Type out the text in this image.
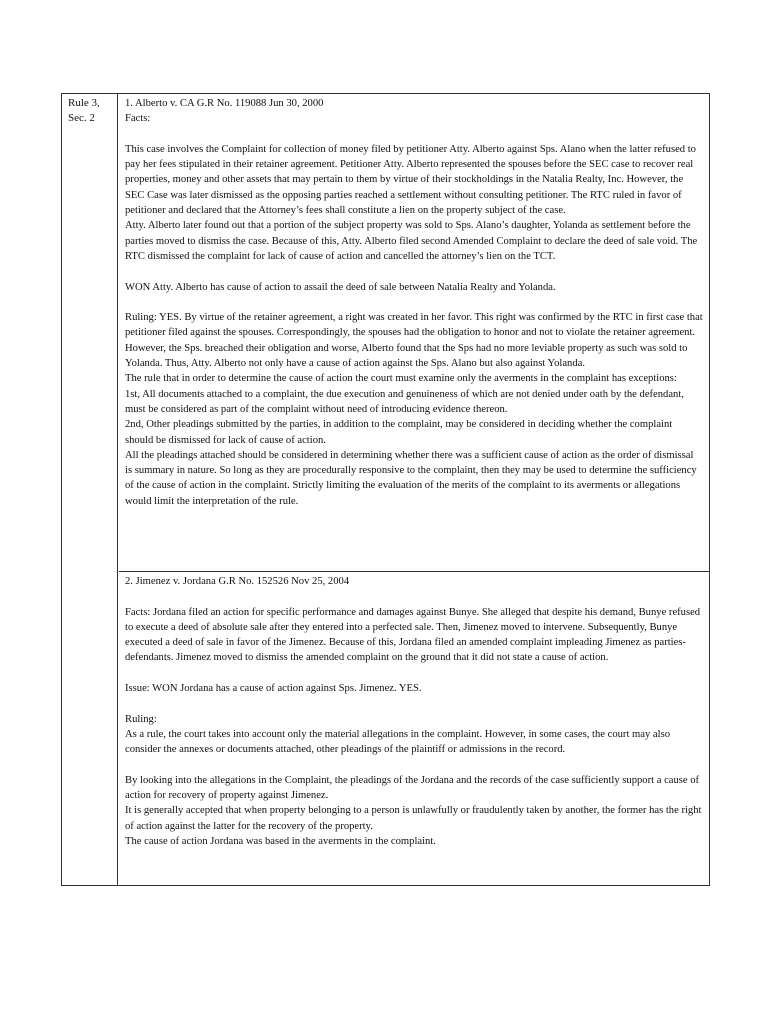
Rule 3, Sec. 2

1. Alberto v. CA G.R No. 119088 Jun 30, 2000

Facts:

This case involves the Complaint for collection of money filed by petitioner Atty. Alberto against Sps. Alano when the latter refused to pay her fees stipulated in their retainer agreement. Petitioner Atty. Alberto represented the spouses before the SEC case to recover real properties, money and other assets that may pertain to them by virtue of their stockholdings in the Natalia Realty, Inc. However, the SEC Case was later dismissed as the opposing parties reached a settlement without consulting petitioner. The RTC ruled in favor of petitioner and declared that the Attorney’s fees shall constitute a lien on the property subject of the case.

Atty. Alberto later found out that a portion of the subject property was sold to Sps. Alano’s daughter, Yolanda as settlement before the parties moved to dismiss the case. Because of this, Atty. Alberto filed second Amended Complaint to declare the deed of sale void. The RTC dismissed the complaint for lack of cause of action and cancelled the attorney’s lien on the TCT.

WON Atty. Alberto has cause of action to assail the deed of sale between Natalia Realty and Yolanda.

Ruling: YES. By virtue of the retainer agreement, a right was created in her favor. This right was confirmed by the RTC in first case that petitioner filed against the spouses. Correspondingly, the spouses had the obligation to honor and not to violate the retainer agreement. However, the Sps. breached their obligation and worse, Alberto found that the Sps had no more leviable property as such was sold to Yolanda. Thus, Atty. Alberto not only have a cause of action against the Sps. Alano but also against Yolanda.

The rule that in order to determine the cause of action the court must examine only the averments in the complaint has exceptions:

1st, All documents attached to a complaint, the due execution and genuineness of which are not denied under oath by the defendant, must be considered as part of the complaint without need of introducing evidence thereon.

2nd, Other pleadings submitted by the parties, in addition to the complaint, may be considered in deciding whether the complaint should be dismissed for lack of cause of action.

All the pleadings attached should be considered in determining whether there was a sufficient cause of action as the order of dismissal is summary in nature. So long as they are procedurally responsive to the complaint, then they may be used to determine the sufficiency of the cause of action in the complaint. Strictly limiting the evaluation of the merits of the complaint to its averments or allegations would limit the interpretation of the rule.

2. Jimenez v. Jordana G.R No. 152526 Nov 25, 2004

Facts: Jordana filed an action for specific performance and damages against Bunye. She alleged that despite his demand, Bunye refused to execute a deed of absolute sale after they entered into a perfected sale. Then, Jimenez moved to intervene. Subsequently, Bunye executed a deed of sale in favor of the Jimenez. Because of this, Jordana filed an amended complaint impleading Jimenez as parties-defendants. Jimenez moved to dismiss the amended complaint on the ground that it did not state a cause of action.

Issue: WON Jordana has a cause of action against Sps. Jimenez. YES.

Ruling:

As a rule, the court takes into account only the material allegations in the complaint. However, in some cases, the court may also consider the annexes or documents attached, other pleadings of the plaintiff or admissions in the record.

By looking into the allegations in the Complaint, the pleadings of the Jordana and the records of the case sufficiently support a cause of action for recovery of property against Jimenez.

It is generally accepted that when property belonging to a person is unlawfully or fraudulently taken by another, the former has the right of action against the latter for the recovery of the property.

The cause of action Jordana was based in the averments in the complaint.
